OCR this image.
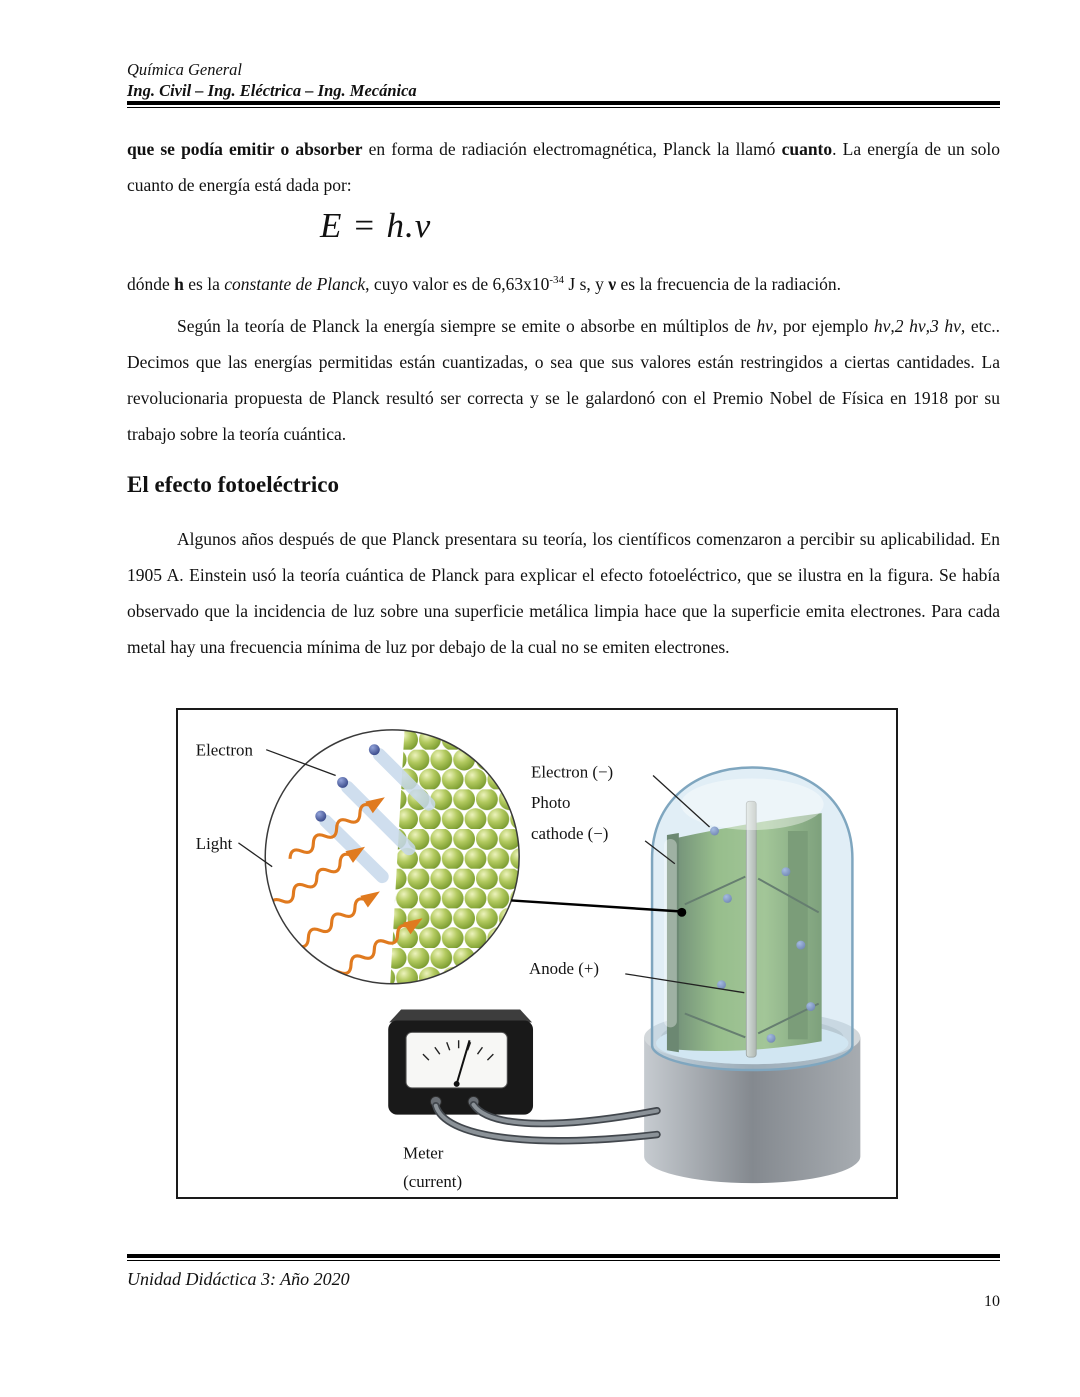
Química General
Ing. Civil – Ing. Eléctrica – Ing. Mecánica

que se podía emitir o absorber en forma de radiación electromagnética, Planck la llamó cuanto. La energía de un solo cuanto de energía está dada por:

E = h.ν

dónde h es la constante de Planck, cuyo valor es de $6,63x10^{-34}$ J s, y ν es la frecuencia de la radiación.

Según la teoría de Planck la energía siempre se emite o absorbe en múltiplos de hν, por ejemplo hν,2 hν,3 hν, etc.. Decimos que las energías permitidas están cuantizadas, o sea que sus valores están restringidos a ciertas cantidades. La revolucionaria propuesta de Planck resultó ser correcta y se le galardonó con el Premio Nobel de Física en 1918 por su trabajo sobre la teoría cuántica.

El efecto fotoeléctrico

Algunos años después de que Planck presentara su teoría, los científicos comenzaron a percibir su aplicabilidad. En 1905 A. Einstein usó la teoría cuántica de Planck para explicar el efecto fotoeléctrico, que se ilustra en la figura. Se había observado que la incidencia de luz sobre una superficie metálica limpia hace que la superficie emita electrones. Para cada metal hay una frecuencia mínima de luz por debajo de la cual no se emiten electrones.

Electron
Light
Electron (−)
Photo
cathode (−)
Anode (+)
Meter
(current)
Unidad Didáctica 3: Año 2020
10
